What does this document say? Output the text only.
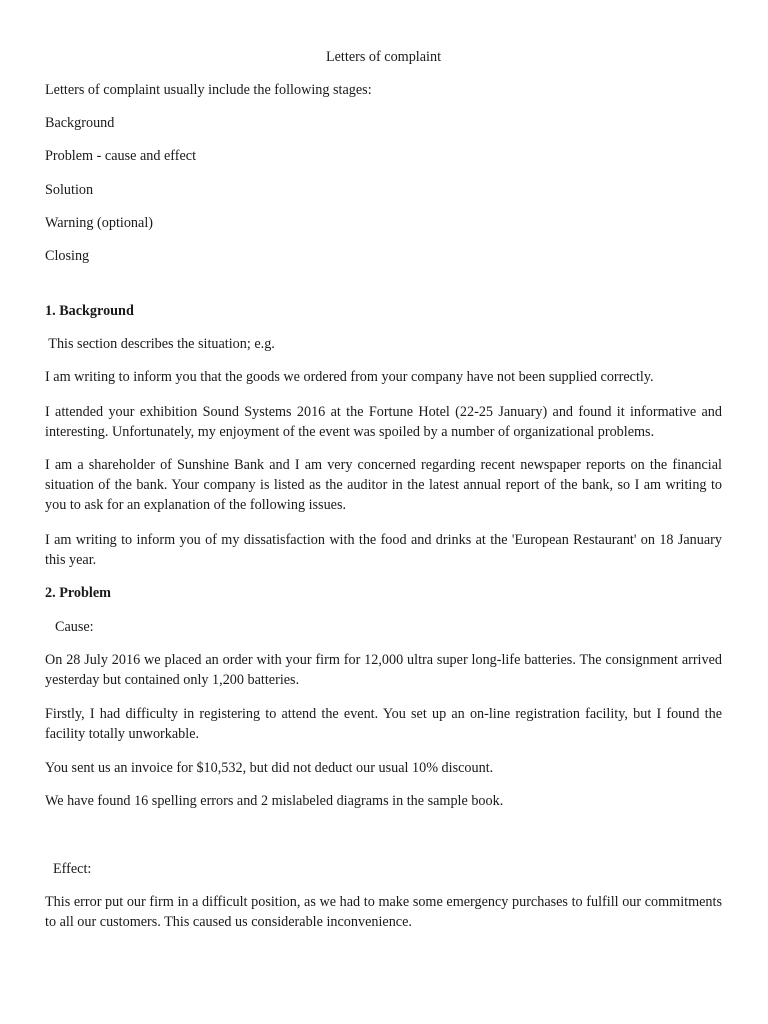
Letters of complaint
Letters of complaint usually include the following stages:
Background
Problem - cause and effect
Solution
Warning (optional)
Closing
1. Background
This section describes the situation; e.g.
I am writing to inform you that the goods we ordered from your company have not been supplied correctly.
I attended your exhibition Sound Systems 2016 at the Fortune Hotel (22-25 January) and found it informative and interesting. Unfortunately, my enjoyment of the event was spoiled by a number of organizational problems.
I am a shareholder of Sunshine Bank and I am very concerned regarding recent newspaper reports on the financial situation of the bank. Your company is listed as the auditor in the latest annual report of the bank, so I am writing to you to ask for an explanation of the following issues.
I am writing to inform you of my dissatisfaction with the food and drinks at the 'European Restaurant' on 18 January this year.
2. Problem
Cause:
On 28 July 2016 we placed an order with your firm for 12,000 ultra super long-life batteries. The consignment arrived yesterday but contained only 1,200 batteries.
Firstly, I had difficulty in registering to attend the event. You set up an on-line registration facility, but I found the facility totally unworkable.
You sent us an invoice for $10,532, but did not deduct our usual 10% discount.
We have found 16 spelling errors and 2 mislabeled diagrams in the sample book.
Effect:
This error put our firm in a difficult position, as we had to make some emergency purchases to fulfill our commitments to all our customers. This caused us considerable inconvenience.
